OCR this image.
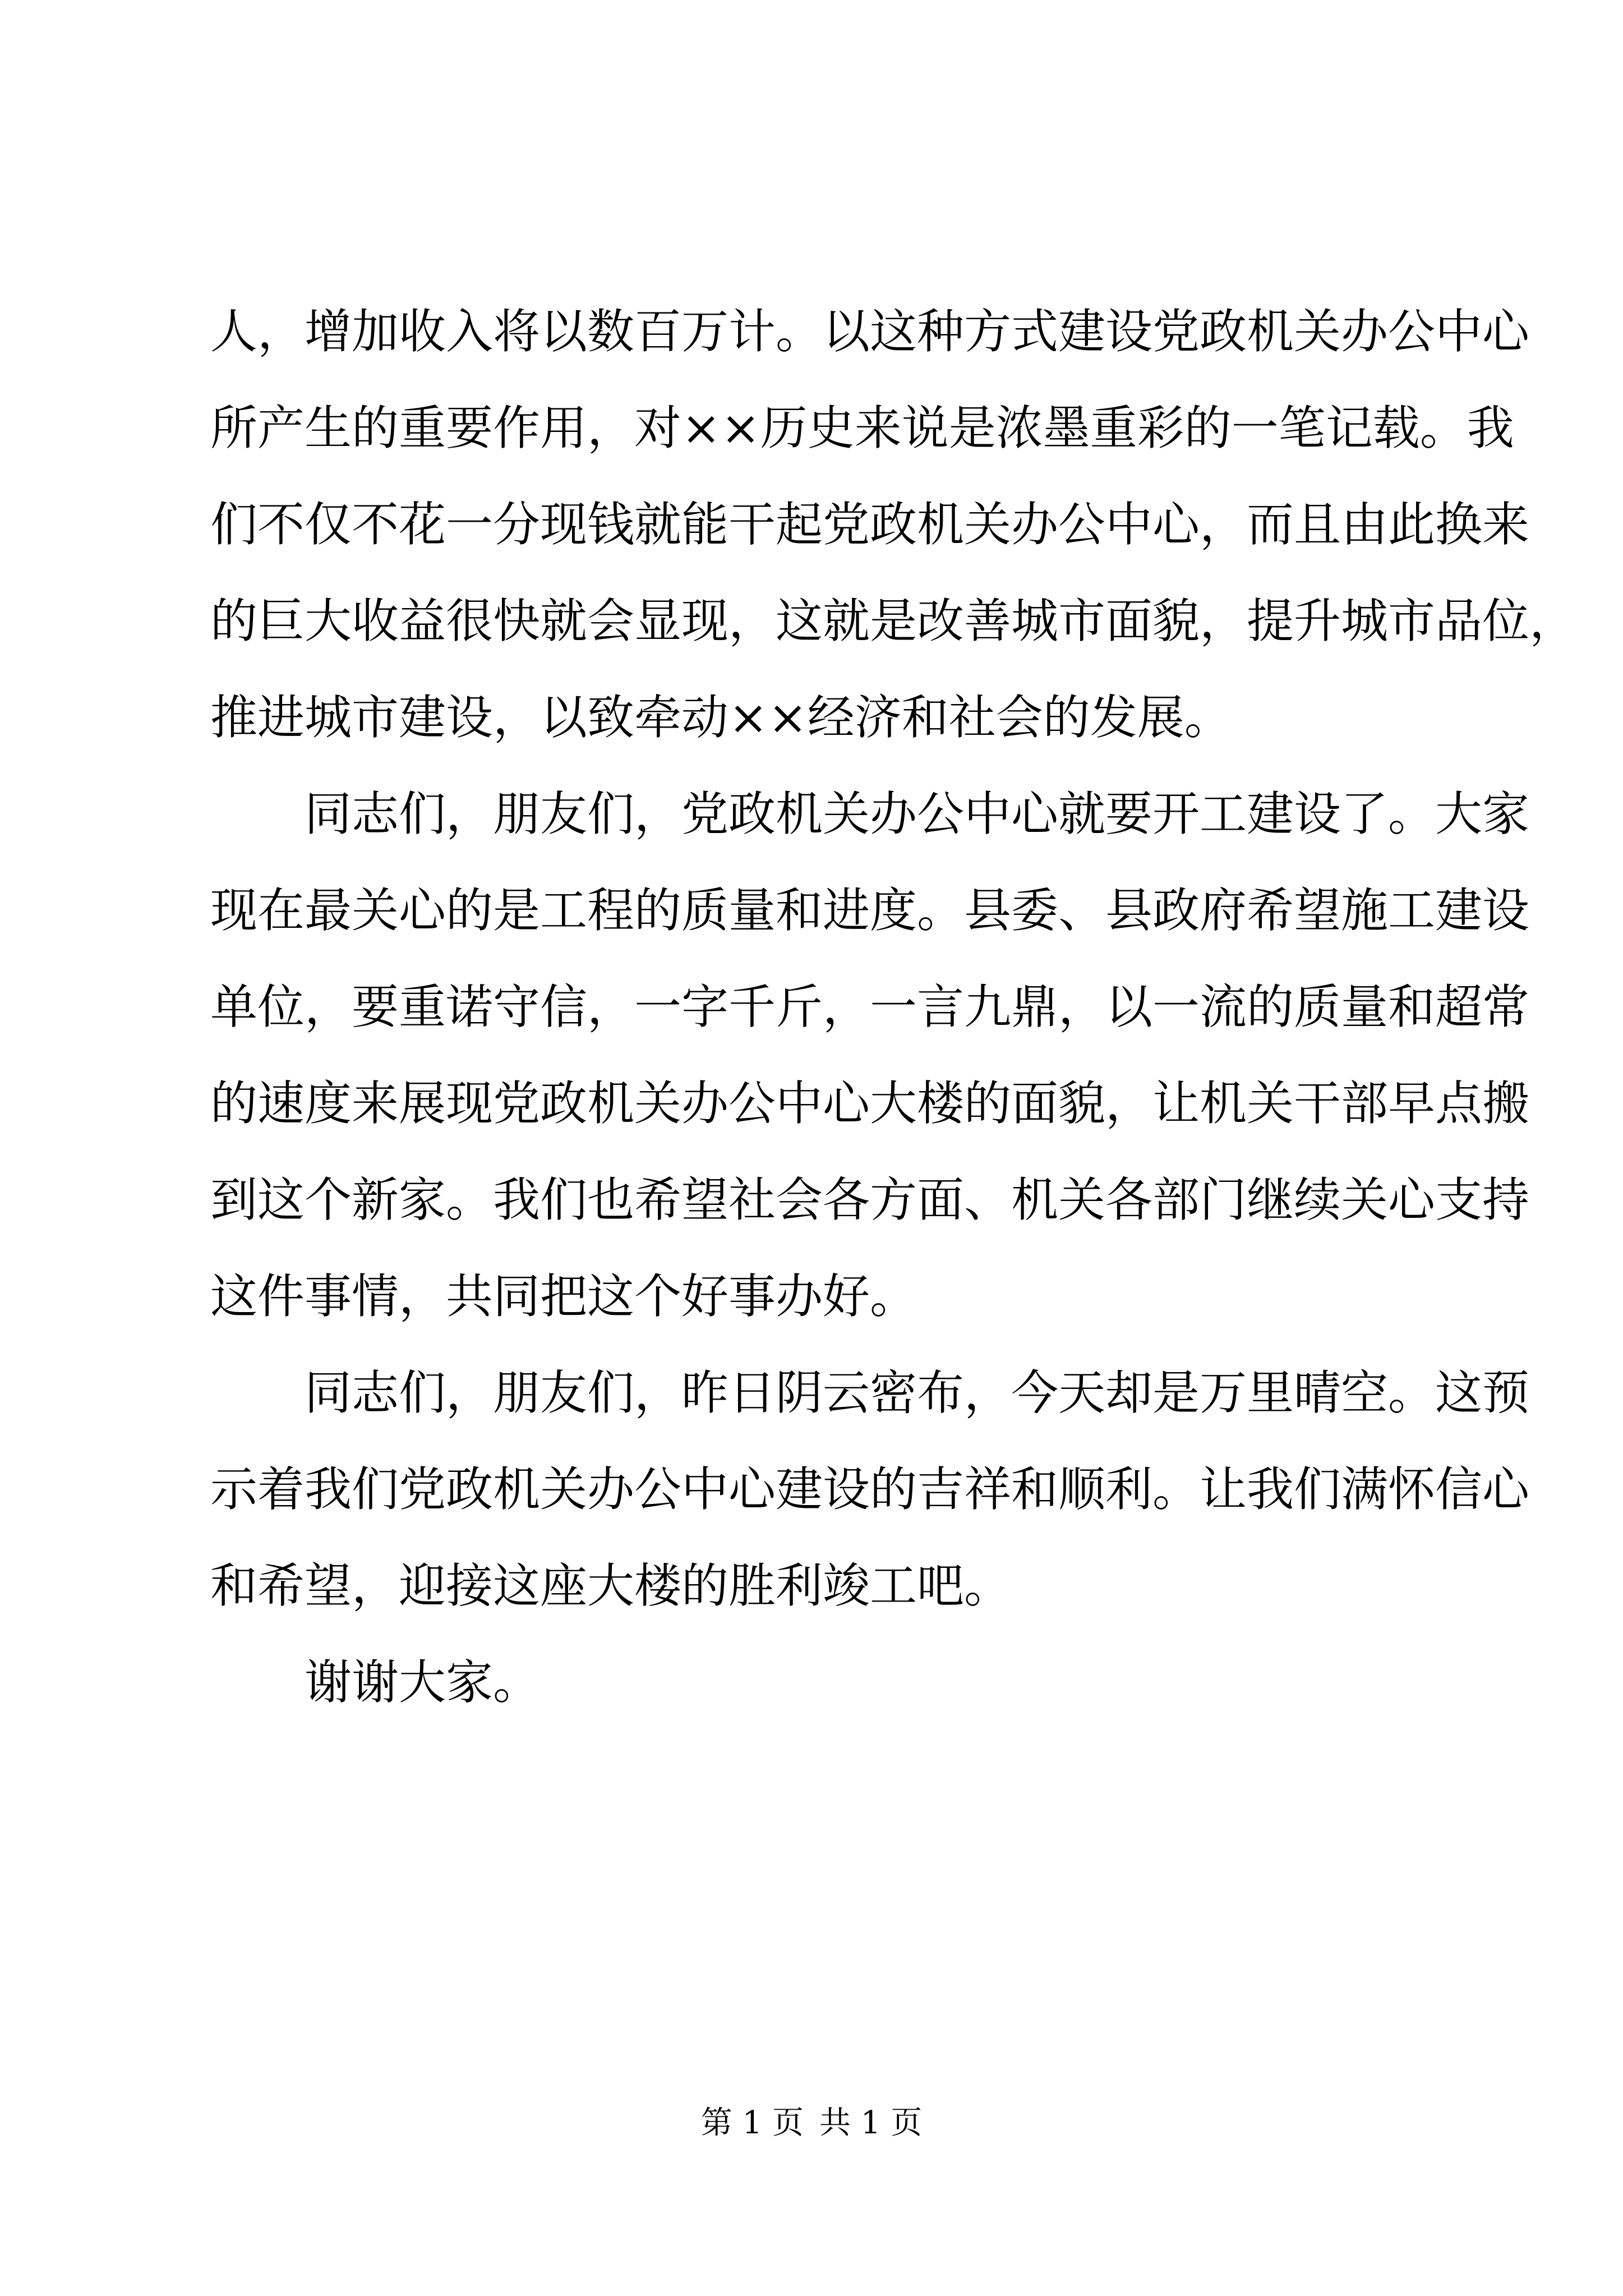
人，增加收入将以数百万计。以这种方式建设党政机关办公中心
所产生的重要作用，对××历史来说是浓墨重彩的一笔记载。我
们不仅不花一分现钱就能干起党政机关办公中心，而且由此换来
的巨大收益很快就会显现，这就是改善城市面貌，提升城市品位，
推进城市建设，以致牵动××经济和社会的发展。
同志们，朋友们，党政机关办公中心就要开工建设了。大家
现在最关心的是工程的质量和进度。县委、县政府希望施工建设
单位，要重诺守信，一字千斤，一言九鼎，以一流的质量和超常
的速度来展现党政机关办公中心大楼的面貌，让机关干部早点搬
到这个新家。我们也希望社会各方面、机关各部门继续关心支持
这件事情，共同把这个好事办好。
同志们，朋友们，昨日阴云密布，今天却是万里晴空。这预
示着我们党政机关办公中心建设的吉祥和顺利。让我们满怀信心
和希望，迎接这座大楼的胜利竣工吧。
谢谢大家。
第 1 页 共 1 页
